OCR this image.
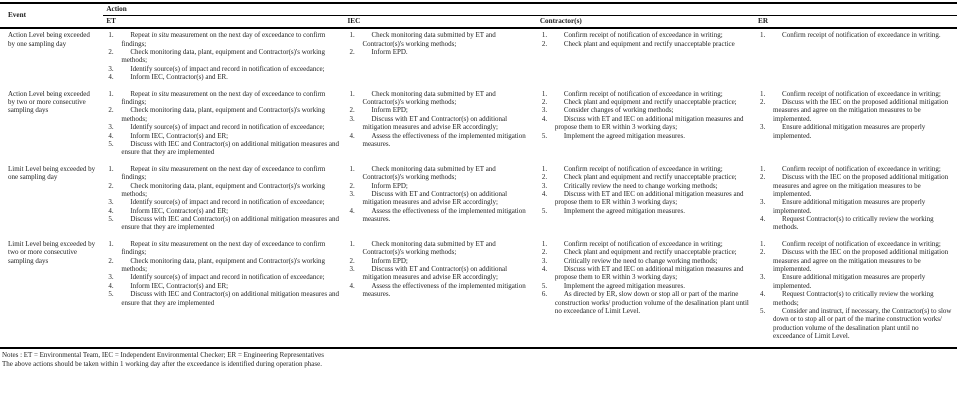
Event	Action			
	ET	IEC	Contractor(s)	ER
Action Level being exceeded by one sampling day	
1.	Repeat in situ measurement on the next day of exceedance to confirm findings;
2.	Check monitoring data, plant, equipment and Contractor(s)'s working methods;
3.	Identify source(s) of impact and record in notification of exceedance;
4.	Inform IEC, Contractor(s) and ER.

1.	Check monitoring data submitted by ET and Contractor(s)'s working methods;
2.	Inform EPD.

1.	Confirm receipt of notification of exceedance in writing;
2.	Check plant and equipment and rectify unacceptable practice

1.	Confirm receipt of notification of exceedance in writing.

Action Level being exceeded by two or more consecutive sampling days	
1.	Repeat in situ measurement on the next day of exceedance to confirm findings;
2.	Check monitoring data, plant, equipment and Contractor(s)'s working methods;
3.	Identify source(s) of impact and record in notification of exceedance;
4.	Inform IEC, Contractor(s) and ER;
5.	Discuss with IEC and Contractor(s) on additional mitigation measures and ensure that they are implemented

1.	Check monitoring data submitted by ET and Contractor(s)'s working methods;
2.	Inform EPD;
3.	Discuss with ET and Contractor(s) on additional mitigation measures and advise ER accordingly;
4.	Assess the effectiveness of the implemented mitigation measures.

1.	Confirm receipt of notification of exceedance in writing;
2.	Check plant and equipment and rectify unacceptable practice;
3.	Consider changes of working methods;
4.	Discuss with ET and IEC on additional mitigation measures and propose them to ER within 3 working days;
5.	Implement the agreed mitigation measures.

1.	Confirm receipt of notification of exceedance in writing;
2.	Discuss with the IEC on the proposed additional mitigation measures and agree on the mitigation measures to be implemented.
3.	Ensure additional mitigation measures are properly implemented.

Limit Level being exceeded by one sampling day	
1.	Repeat in situ measurement on the next day of exceedance to confirm findings;
2.	Check monitoring data, plant, equipment and Contractor(s)'s working methods;
3.	Identify source(s) of impact and record in notification of exceedance;
4.	Inform IEC, Contractor(s) and ER;
5.	Discuss with IEC and Contractor(s) on additional mitigation measures and ensure that they are implemented

1.	Check monitoring data submitted by ET and Contractor(s)'s working methods;
2.	Inform EPD;
3.	Discuss with ET and Contractor(s) on additional mitigation measures and advise ER accordingly;
4.	Assess the effectiveness of the implemented mitigation measures.

1.	Confirm receipt of notification of exceedance in writing;
2.	Check plant and equipment and rectify unacceptable practice;
3.	Critically review the need to change working methods;
4.	Discuss with ET and IEC on additional mitigation measures and propose them to ER within 3 working days;
5.	Implement the agreed mitigation measures.

1.	Confirm receipt of notification of exceedance in writing;
2.	Discuss with the IEC on the proposed additional mitigation measures and agree on the mitigation measures to be implemented.
3.	Ensure additional mitigation measures are properly implemented.
4.	Request Contractor(s) to critically review the working methods.

Limit Level being exceeded by two or more consecutive sampling days	
1.	Repeat in situ measurement on the next day of exceedance to confirm findings;
2.	Check monitoring data, plant, equipment and Contractor(s)'s working methods;
3.	Identify source(s) of impact and record in notification of exceedance;
4.	Inform IEC, Contractor(s) and ER;
5.	Discuss with IEC and Contractor(s) on additional mitigation measures and ensure that they are implemented

1.	Check monitoring data submitted by ET and Contractor(s)'s working methods;
2.	Inform EPD;
3.	Discuss with ET and Contractor(s) on additional mitigation measures and advise ER accordingly;
4.	Assess the effectiveness of the implemented mitigation measures.

1.	Confirm receipt of notification of exceedance in writing;
2.	Check plant and equipment and rectify unacceptable practice;
3.	Critically review the need to change working methods;
4.	Discuss with ET and IEC on additional mitigation measures and propose them to ER within 3 working days;
5.	Implement the agreed mitigation measures.
6.	As directed by ER, slow down or stop all or part of the marine construction works/ production volume of the desalination plant until no exceedance of Limit Level.

1.	Confirm receipt of notification of exceedance in writing;
2.	Discuss with the IEC on the proposed additional mitigation measures and agree on the mitigation measures to be implemented.
3.	Ensure additional mitigation measures are properly implemented.
4.	Request Contractor(s) to critically review the working methods;
5.	Consider and instruct, if necessary, the Contractor(s) to slow down or to stop all or part of the marine construction works/ production volume of the desalination plant until no exceedance of Limit Level.
Notes : ET = Environmental Team, IEC = Independent Environmental Checker; ER = Engineering Representatives
The above actions should be taken within 1 working day after the exceedance is identified during operation phase.
